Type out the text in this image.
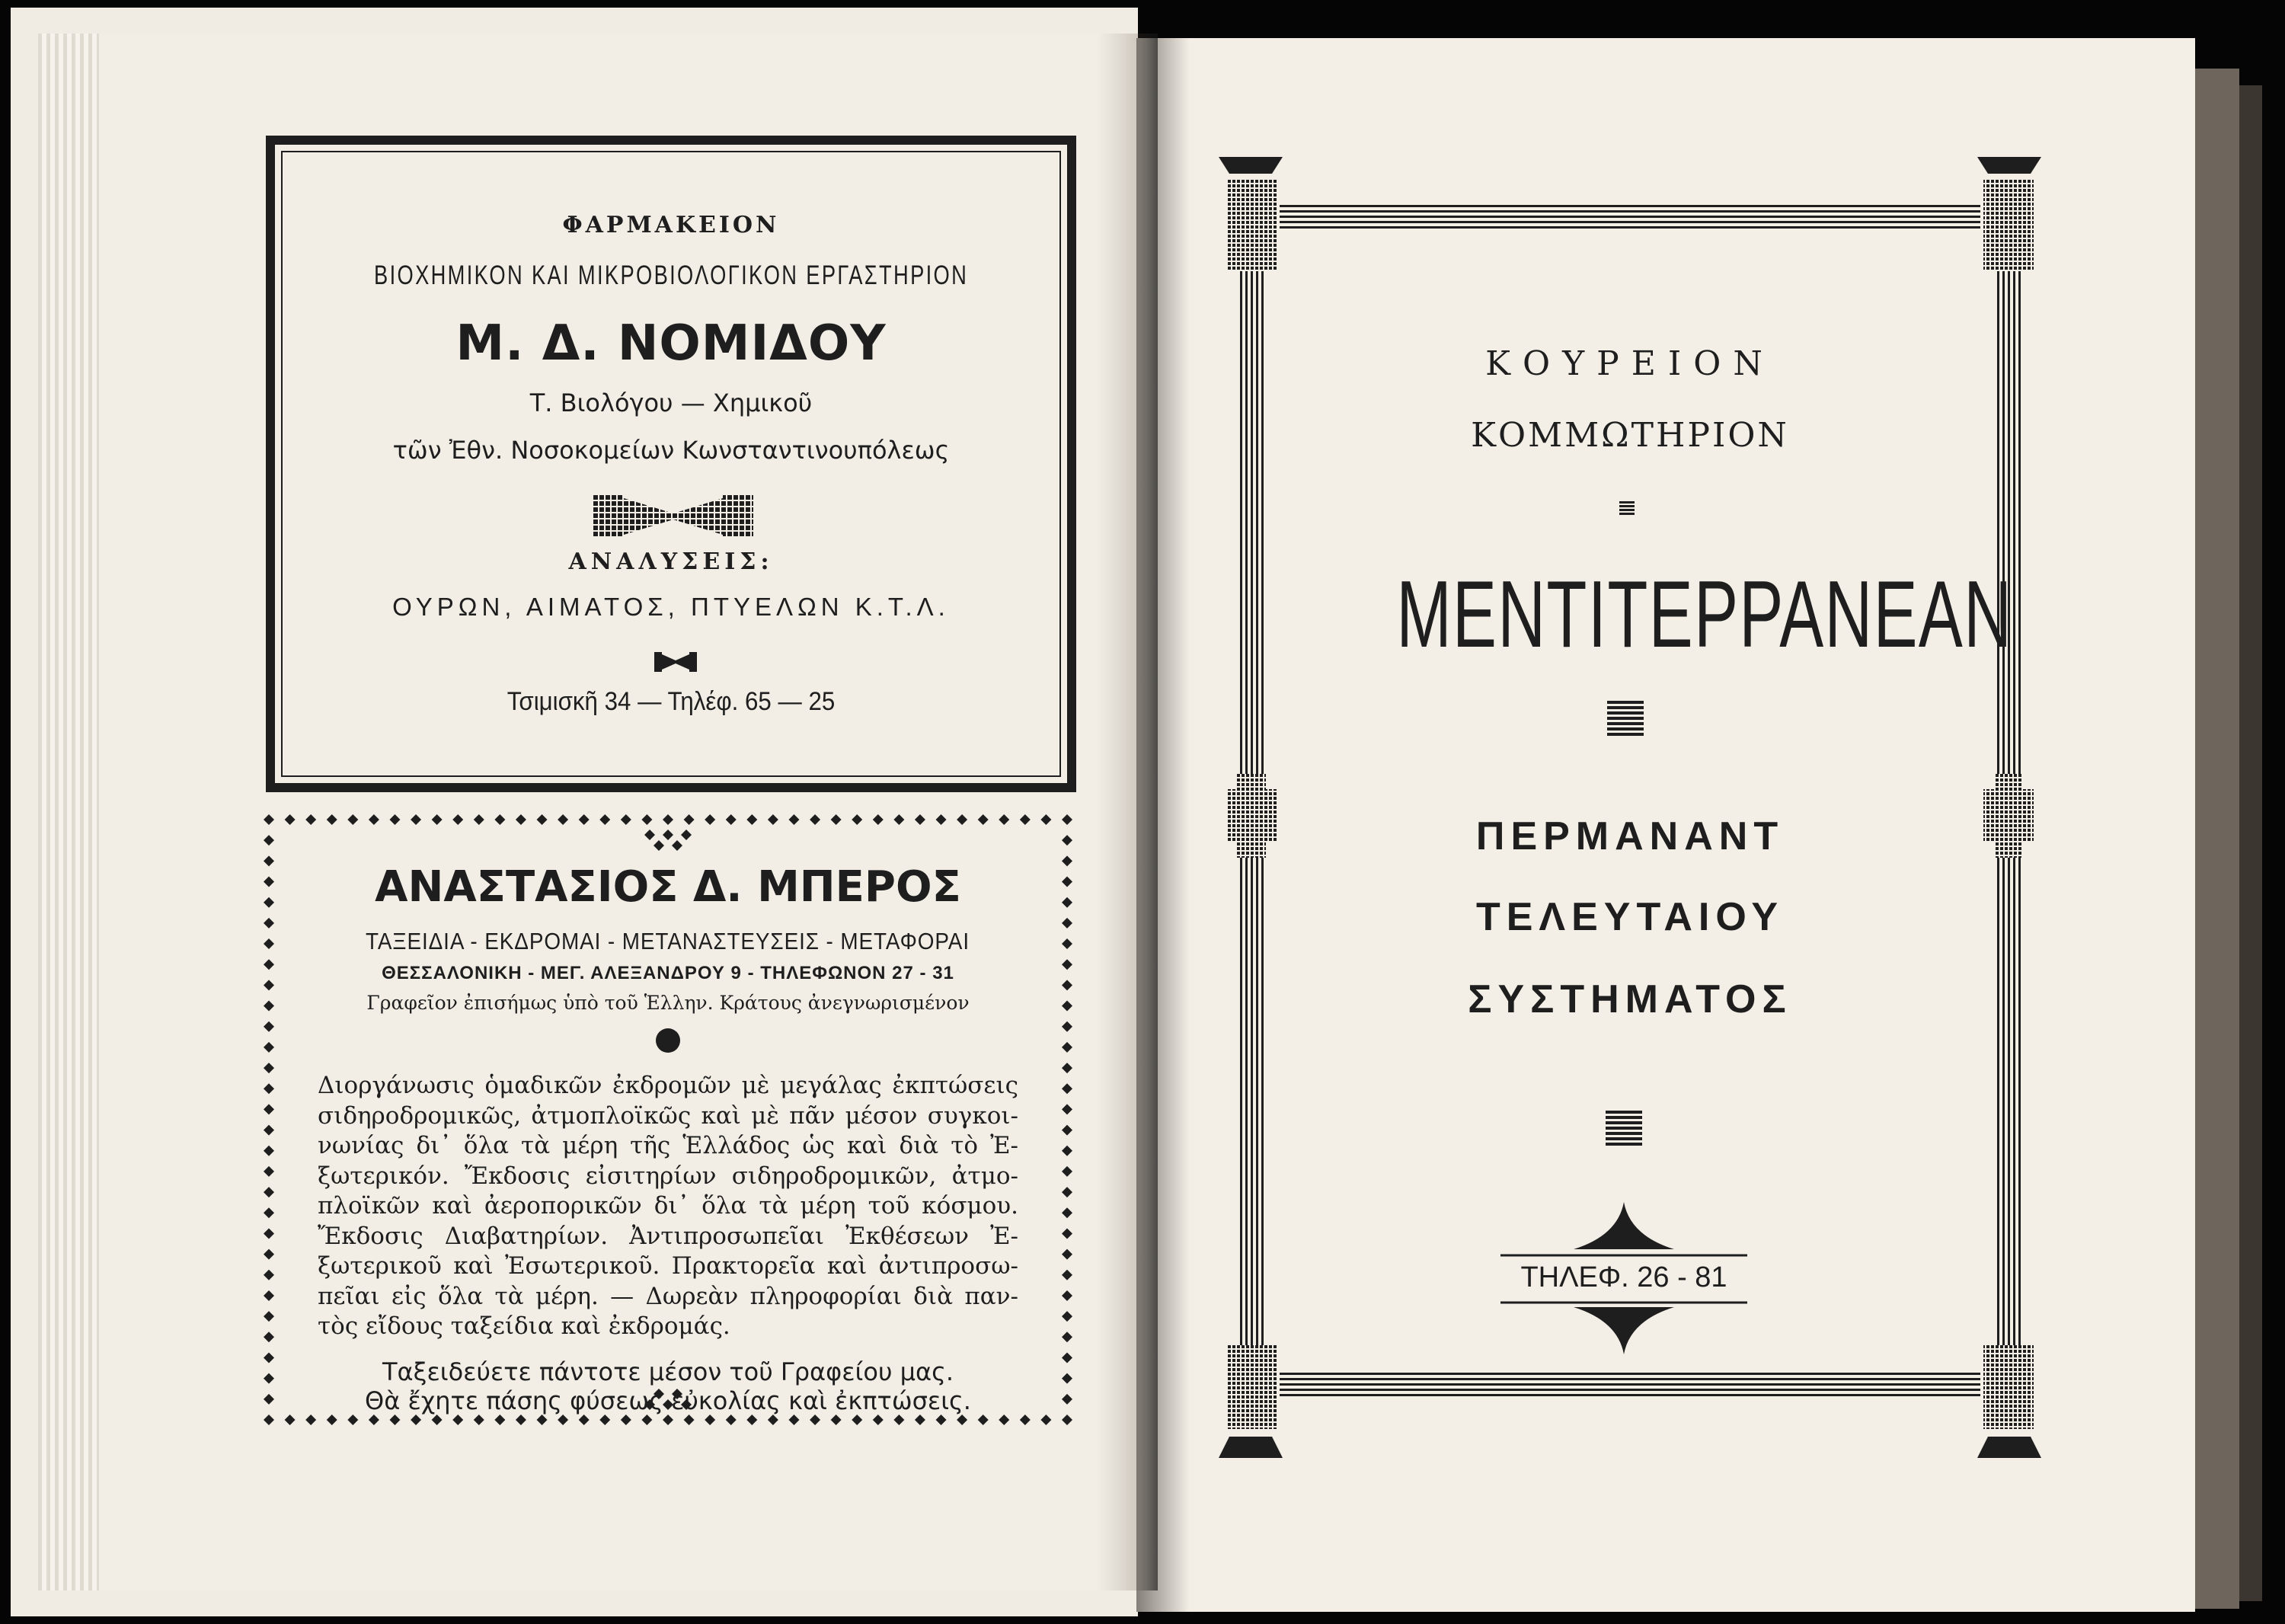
ΦΑΡΜΑΚΕΙΟΝ
ΒΙΟΧΗΜΙΚΟΝ ΚΑΙ ΜΙΚΡΟΒΙΟΛΟΓΙΚΟΝ ΕΡΓΑΣΤΗΡΙΟΝ
Μ. Δ. ΝΟΜΙΔΟΥ
Τ. Βιολόγου — Χημικοῦ
τῶν Ἐθν. Νοσοκομείων Κωνσταντινουπόλεως
ΑΝΑΛΥΣΕΙΣ:
ΟΥΡΩΝ, ΑΙΜΑΤΟΣ, ΠΤΥΕΛΩΝ Κ.Τ.Λ.
Τσιμισκῆ 34 — Τηλέφ. 65 — 25
ΑΝΑΣΤΑΣΙΟΣ Δ. ΜΠΕΡΟΣ
ΤΑΞΕΙΔΙΑ - ΕΚΔΡΟΜΑΙ - ΜΕΤΑΝΑΣΤΕΥΣΕΙΣ - ΜΕΤΑΦΟΡΑΙ
ΘΕΣΣΑΛΟΝΙΚΗ - ΜΕΓ. ΑΛΕΞΑΝΔΡΟΥ 9 - ΤΗΛΕΦΩΝΟΝ 27 - 31
Γραφεῖον ἐπισήμως ὑπὸ τοῦ Ἑλλην. Κράτους ἀνεγνωρισμένον
Διοργάνωσις ὁμαδικῶν ἐκδρομῶν μὲ μεγάλας ἐκπτώσεις
σιδηροδρομικῶς, ἀτμοπλοϊκῶς καὶ μὲ πᾶν μέσον συγκοι-
νωνίας δι᾽ ὅλα τὰ μέρη τῆς Ἑλλάδος ὡς καὶ διὰ τὸ Ἐ-
ξωτερικόν. Ἔκδοσις εἰσιτηρίων σιδηροδρομικῶν, ἀτμο-
πλοϊκῶν καὶ ἀεροπορικῶν δι᾽ ὅλα τὰ μέρη τοῦ κόσμου.
Ἔκδοσις Διαβατηρίων. Ἀντιπροσωπεῖαι Ἐκθέσεων Ἐ-
ξωτερικοῦ καὶ Ἐσωτερικοῦ. Πρακτορεῖα καὶ ἀντιπροσω-
πεῖαι εἰς ὅλα τὰ μέρη. — Δωρεὰν πληροφορίαι διὰ παν-
τὸς εἴδους ταξείδια καὶ ἐκδρομάς.
Ταξειδεύετε πάντοτε μέσον τοῦ Γραφείου μας.
Θὰ ἔχητε πάσης φύσεως εὐκολίας καὶ ἐκπτώσεις.
ΚΟΥΡΕΙΟΝ
ΚΟΜΜΩΤΗΡΙΟΝ
ΜΕΝΤΙΤΕΡΡΑΝΕΑΝ
ΠΕΡΜΑΝΑΝΤ
ΤΕΛΕΥΤΑΙΟΥ
ΣΥΣΤΗΜΑΤΟΣ
ΤΗΛΕΦ. 26 - 81
